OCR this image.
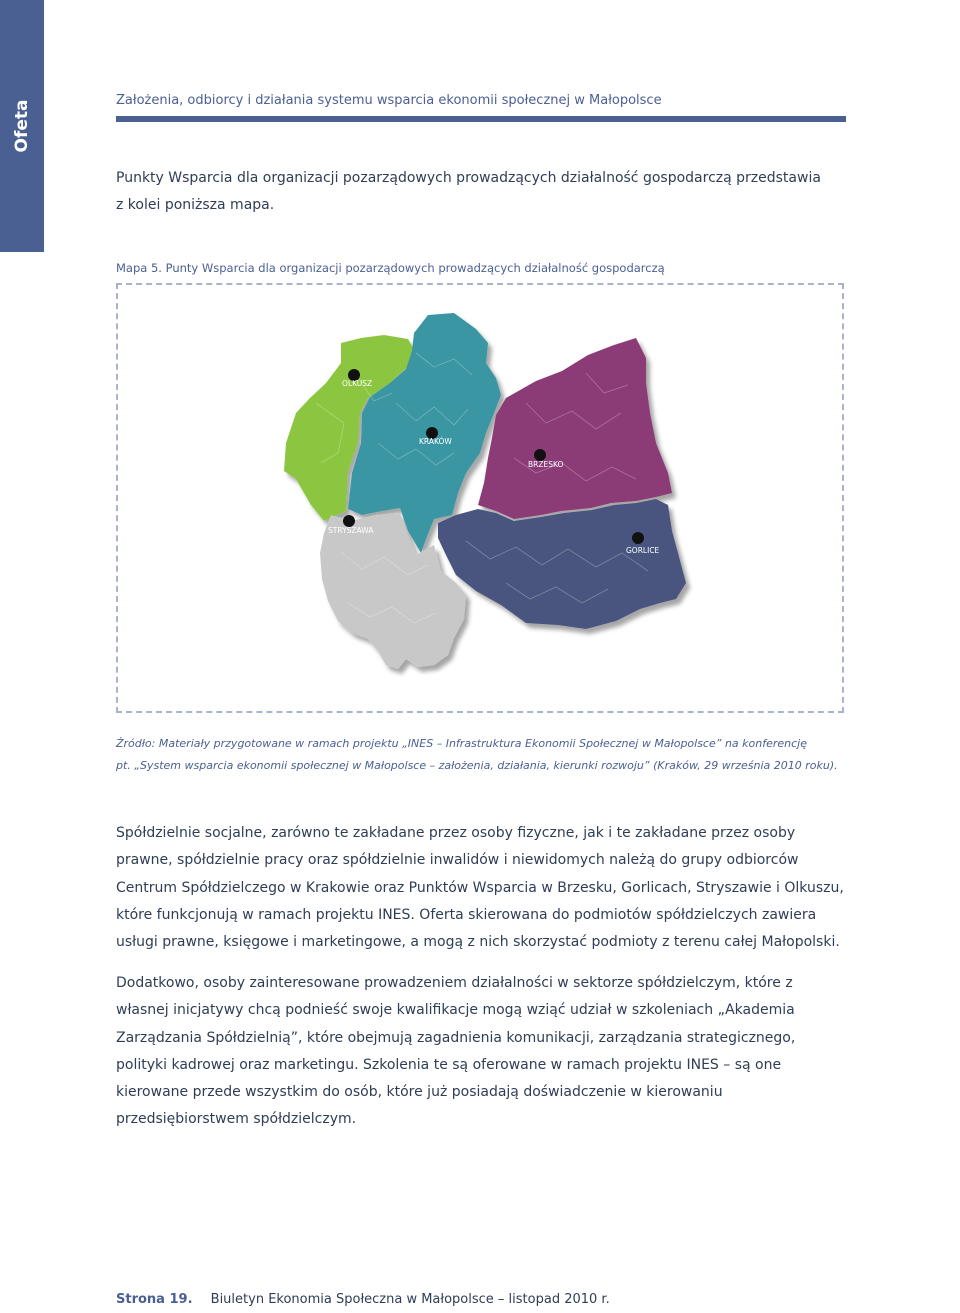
Ofeta	Założenia, odbiorcy i działania systemu wsparcia ekonomii społecznej w Małopolsce
Punkty Wsparcia dla organizacji pozarządowych prowadzących działalność gospodarczą przedstawia
z kolei poniższa mapa.
Mapa 5. Punty Wsparcia dla organizacji pozarządowych prowadzących działalność gospodarczą
OLKUSZ
KRAKÓW
BRZESKO
STRYSZAWA
GORLICE
Źródło: Materiały przygotowane w ramach projektu „INES – Infrastruktura Ekonomii Społecznej w Małopolsce” na konferencję
pt. „System wsparcia ekonomii społecznej w Małopolsce – założenia, działania, kierunki rozwoju” (Kraków, 29 września 2010 roku).

Spółdzielnie socjalne, zarówno te zakładane przez osoby fizyczne, jak i te zakładane przez osoby prawne, spółdzielnie pracy oraz spółdzielnie inwalidów i niewidomych należą do grupy odbiorców Centrum Spółdzielczego w Krakowie oraz Punktów Wsparcia w Brzesku, Gorlicach, Stryszawie i Olkuszu, które funkcjonują w ramach projektu INES. Oferta skierowana do podmiotów spółdzielczych zawiera usługi prawne, księgowe i marketingowe, a mogą z nich skorzystać podmioty z terenu całej Małopolski.

Dodatkowo, osoby zainteresowane prowadzeniem działalności w sektorze spółdzielczym, które z własnej inicjatywy chcą podnieść swoje kwalifikacje mogą wziąć udział w szkoleniach „Akademia Zarządzania Spółdzielnią”, które obejmują zagadnienia komunikacji, zarządzania strategicznego, polityki kadrowej oraz marketingu. Szkolenia te są oferowane w ramach projektu INES – są one kierowane przede wszystkim do osób, które już posiadają doświadczenie w kierowaniu przedsiębiorstwem spółdzielczym.

Strona 19. Biuletyn Ekonomia Społeczna w Małopolsce – listopad 2010 r.
